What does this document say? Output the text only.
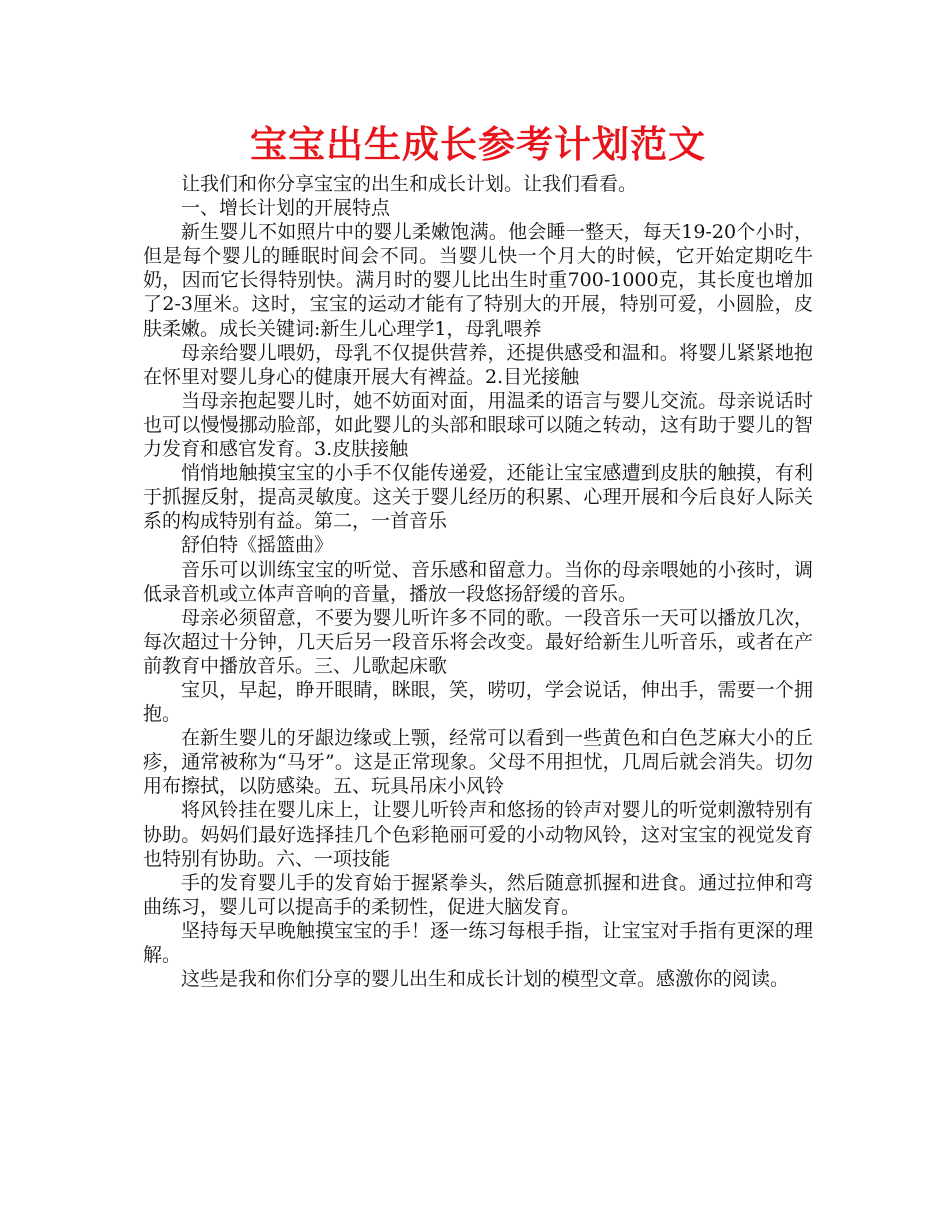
宝宝出生成长参考计划范文

让我们和你分享宝宝的出生和成长计划。让我们看看。

一、增长计划的开展特点

新生婴儿不如照片中的婴儿柔嫩饱满。他会睡一整天，每天19-20个小时，但是每个婴儿的睡眠时间会不同。当婴儿快一个月大的时候，它开始定期吃牛奶，因而它长得特别快。满月时的婴儿比出生时重700-1000克，其长度也增加了2-3厘米。这时，宝宝的运动才能有了特别大的开展，特别可爱，小圆脸，皮肤柔嫩。成长关键词:新生儿心理学1，母乳喂养

母亲给婴儿喂奶，母乳不仅提供营养，还提供感受和温和。将婴儿紧紧地抱在怀里对婴儿身心的健康开展大有裨益。2.目光接触

当母亲抱起婴儿时，她不妨面对面，用温柔的语言与婴儿交流。母亲说话时也可以慢慢挪动脸部，如此婴儿的头部和眼球可以随之转动，这有助于婴儿的智力发育和感官发育。3.皮肤接触

悄悄地触摸宝宝的小手不仅能传递爱，还能让宝宝感遭到皮肤的触摸，有利于抓握反射，提高灵敏度。这关于婴儿经历的积累、心理开展和今后良好人际关系的构成特别有益。第二，一首音乐

舒伯特《摇篮曲》

音乐可以训练宝宝的听觉、音乐感和留意力。当你的母亲喂她的小孩时，调低录音机或立体声音响的音量，播放一段悠扬舒缓的音乐。

母亲必须留意，不要为婴儿听许多不同的歌。一段音乐一天可以播放几次，每次超过十分钟，几天后另一段音乐将会改变。最好给新生儿听音乐，或者在产前教育中播放音乐。三、儿歌起床歌

宝贝，早起，睁开眼睛，眯眼，笑，唠叨，学会说话，伸出手，需要一个拥抱。

在新生婴儿的牙龈边缘或上颚，经常可以看到一些黄色和白色芝麻大小的丘疹，通常被称为“马牙”。这是正常现象。父母不用担忧，几周后就会消失。切勿用布擦拭，以防感染。五、玩具吊床小风铃

将风铃挂在婴儿床上，让婴儿听铃声和悠扬的铃声对婴儿的听觉刺激特别有协助。妈妈们最好选择挂几个色彩艳丽可爱的小动物风铃，这对宝宝的视觉发育也特别有协助。六、一项技能

手的发育婴儿手的发育始于握紧拳头，然后随意抓握和进食。通过拉伸和弯曲练习，婴儿可以提高手的柔韧性，促进大脑发育。

坚持每天早晚触摸宝宝的手！逐一练习每根手指，让宝宝对手指有更深的理解。

这些是我和你们分享的婴儿出生和成长计划的模型文章。感激你的阅读。
